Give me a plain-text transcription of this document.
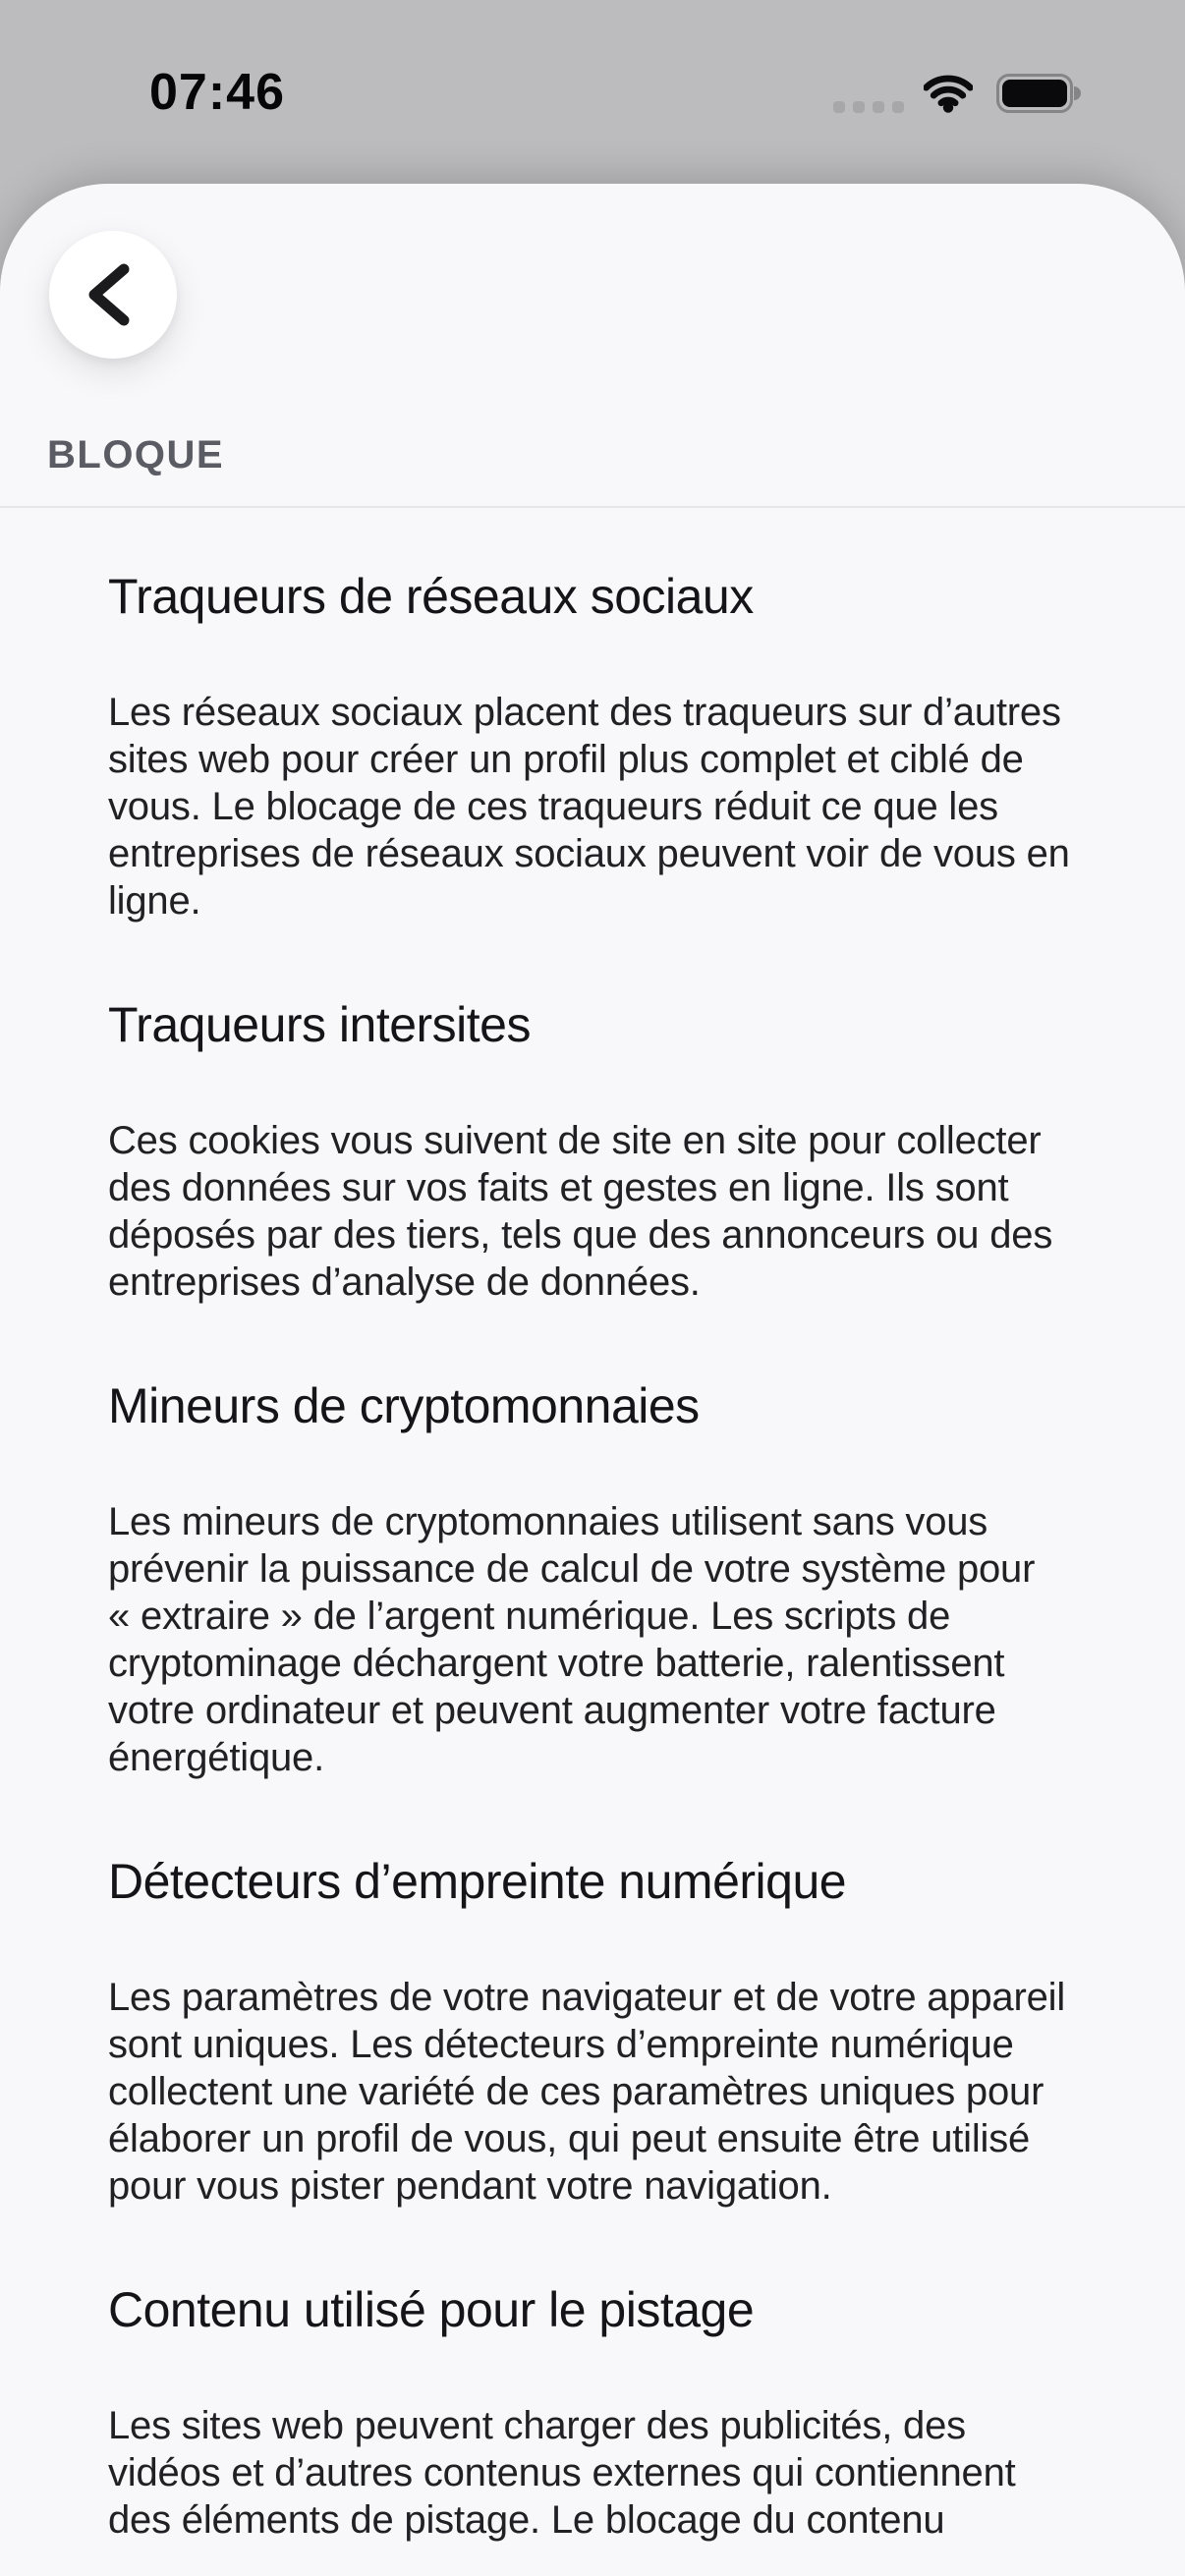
07:46
BLOQUE
Traqueurs de réseaux sociaux

Les réseaux sociaux placent des traqueurs sur d’autres sites web pour créer un profil plus complet et ciblé de vous. Le blocage de ces traqueurs réduit ce que les entreprises de réseaux sociaux peuvent voir de vous en ligne.

Traqueurs intersites

Ces cookies vous suivent de site en site pour collecter des données sur vos faits et gestes en ligne. Ils sont déposés par des tiers, tels que des annonceurs ou des entreprises d’analyse de données.

Mineurs de cryptomonnaies

Les mineurs de cryptomonnaies utilisent sans vous prévenir la puissance de calcul de votre système pour « extraire » de l’argent numérique. Les scripts de cryptominage déchargent votre batterie, ralentissent votre ordinateur et peuvent augmenter votre facture énergétique.

Détecteurs d’empreinte numérique

Les paramètres de votre navigateur et de votre appareil sont uniques. Les détecteurs d’empreinte numérique collectent une variété de ces paramètres uniques pour élaborer un profil de vous, qui peut ensuite être utilisé pour vous pister pendant votre navigation.

Contenu utilisé pour le pistage

Les sites web peuvent charger des publicités, des vidéos et d’autres contenus externes qui contiennent des éléments de pistage. Le blocage du contenu
